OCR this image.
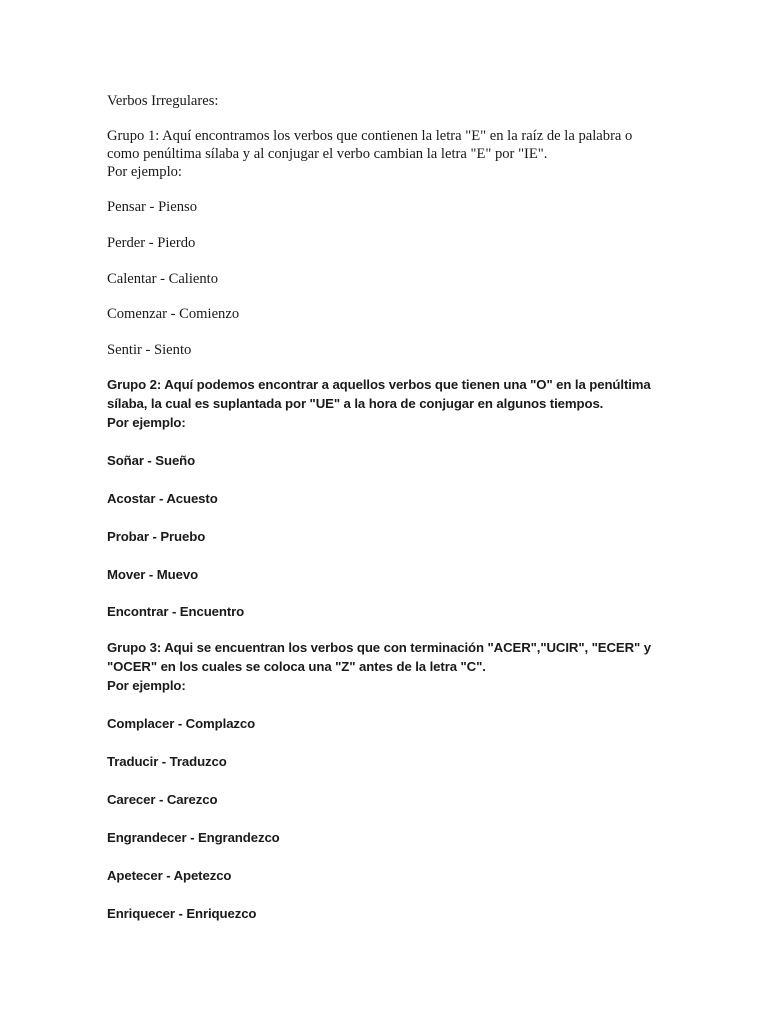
Verbos Irregulares:

Grupo 1: Aquí encontramos los verbos que contienen la letra "E" en la raíz de la palabra o
como penúltima sílaba y al conjugar el verbo cambian la letra "E" por "IE".

Por ejemplo:

Pensar - Pienso

Perder - Pierdo

Calentar - Caliento

Comenzar - Comienzo

Sentir - Siento

Grupo 2: Aquí podemos encontrar a aquellos verbos que tienen una "O" en la penúltima
sílaba, la cual es suplantada por "UE" a la hora de conjugar en algunos tiempos.

Por ejemplo:

Soñar - Sueño

Acostar - Acuesto

Probar - Pruebo

Mover - Muevo

Encontrar - Encuentro

Grupo 3: Aqui se encuentran los verbos que con terminación "ACER","UCIR", "ECER" y
"OCER" en los cuales se coloca una "Z" antes de la letra "C".

Por ejemplo:

Complacer - Complazco

Traducir - Traduzco

Carecer - Carezco

Engrandecer - Engrandezco

Apetecer - Apetezco

Enriquecer - Enriquezco
